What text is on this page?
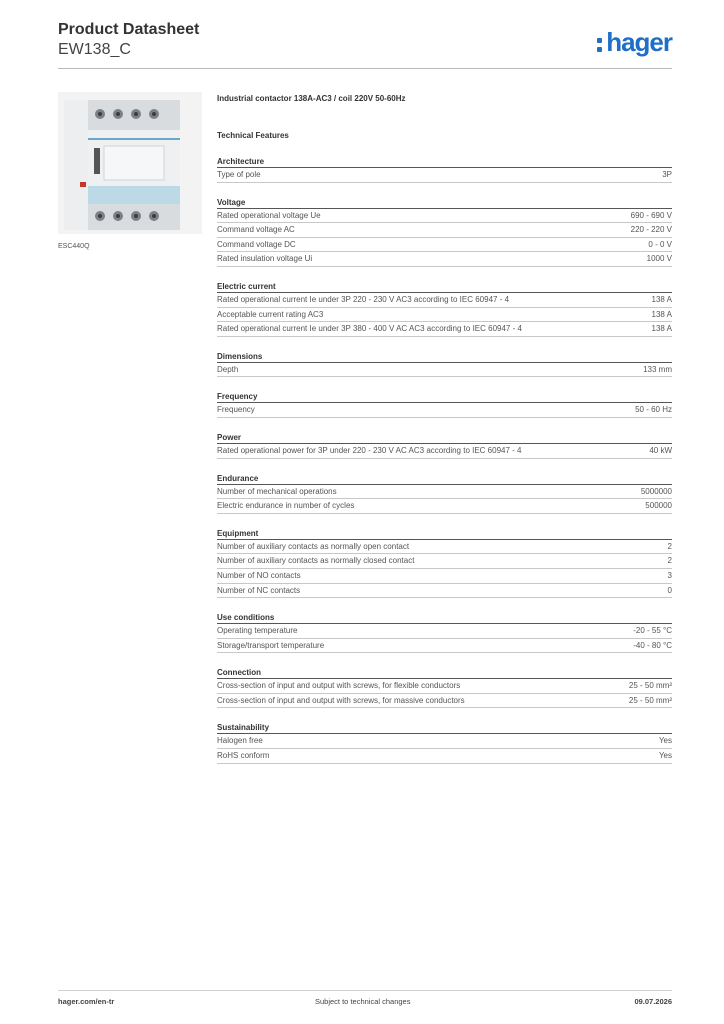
Product Datasheet
EW138_C	hager
ESC440Q
Industrial contactor 138A-AC3 / coil 220V 50-60Hz
Technical Features
Architecture
Type of pole	3P
Voltage
Rated operational voltage Ue	690 - 690 V
Command voltage AC	220 - 220 V
Command voltage DC	0 - 0 V
Rated insulation voltage Ui	1000 V
Electric current
Rated operational current Ie under 3P 220 - 230 V AC3 according to IEC 60947 - 4	138 A
Acceptable current rating AC3	138 A
Rated operational current Ie under 3P 380 - 400 V AC AC3 according to IEC 60947 - 4	138 A
Dimensions
Depth	133 mm
Frequency
Frequency	50 - 60 Hz
Power
Rated operational power for 3P under 220 - 230 V AC AC3 according to IEC 60947 - 4	40 kW
Endurance
Number of mechanical operations	5000000
Electric endurance in number of cycles	500000
Equipment
Number of auxiliary contacts as normally open contact	2
Number of auxiliary contacts as normally closed contact	2
Number of NO contacts	3
Number of NC contacts	0
Use conditions
Operating temperature	-20 - 55 °C
Storage/transport temperature	-40 - 80 °C
Connection
Cross-section of input and output with screws, for flexible conductors	25 - 50 mm²
Cross-section of input and output with screws, for massive conductors	25 - 50 mm²
Sustainability
Halogen free	Yes
RoHS conform	Yes
hager.com/en-tr	Subject to technical changes	09.07.2026
